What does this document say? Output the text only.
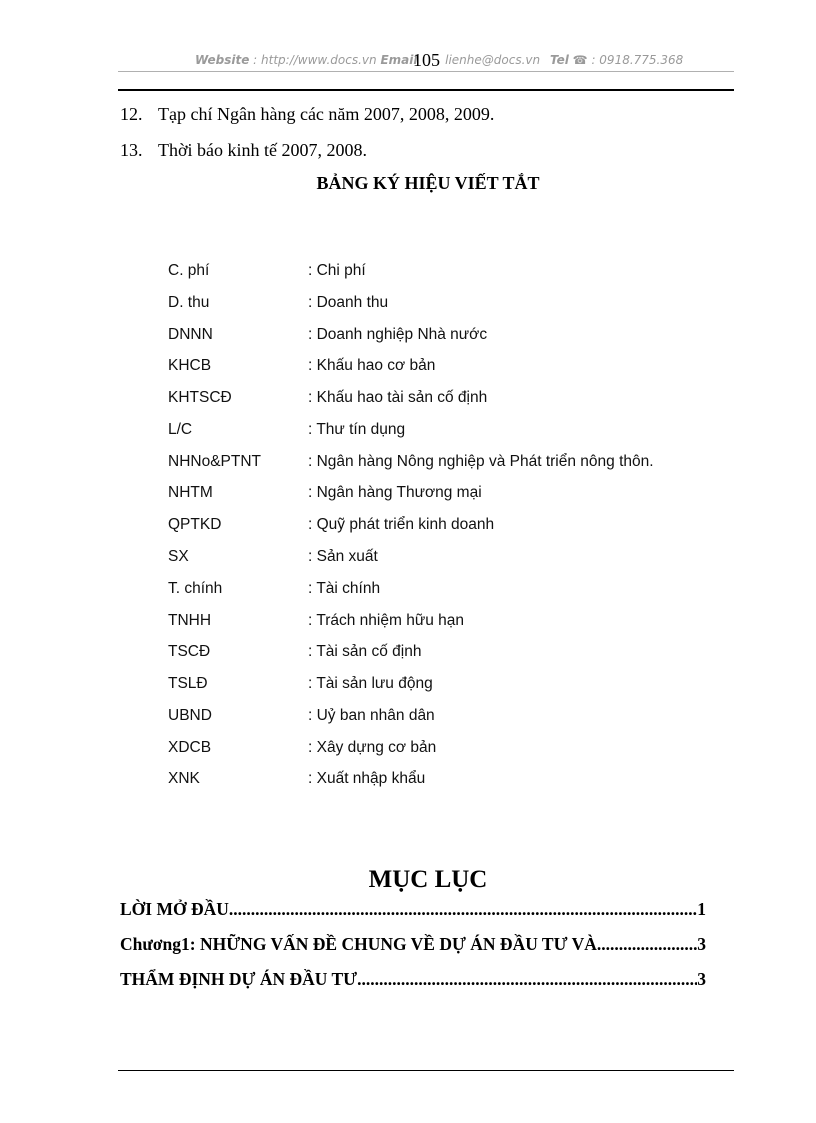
Website : http://www.docs.vn Email lienhe@docs.vn Tel ☎ : 0918.775.368
105
12. Tạp chí Ngân hàng các năm 2007, 2008, 2009.
13. Thời báo kinh tế 2007, 2008.
BẢNG KÝ HIỆU VIẾT TẮT
C. phí	: Chi phí
D. thu	: Doanh thu
DNNN	: Doanh nghiệp Nhà nước
KHCB	: Khấu hao cơ bản
KHTSCĐ	: Khấu hao tài sản cố định
L/C	: Thư tín dụng
NHNo&PTNT	: Ngân hàng Nông nghiệp và Phát triển nông thôn.
NHTM	: Ngân hàng Thương mại
QPTKD	: Quỹ phát triển kinh doanh
SX	: Sản xuất
T. chính	: Tài chính
TNHH	: Trách nhiệm hữu hạn
TSCĐ	: Tài sản cố định
TSLĐ	: Tài sản lưu động
UBND	: Uỷ ban nhân dân
XDCB	: Xây dựng cơ bản
XNK	: Xuất nhập khẩu
MỤC LỤC
LỜI MỞ ĐẦU .....	1
Chương1: NHỮNG VẤN ĐỀ CHUNG VỀ DỰ ÁN ĐẦU TƯ VÀ .....	3
THẨM ĐỊNH DỰ ÁN ĐẦU TƯ .....	3
